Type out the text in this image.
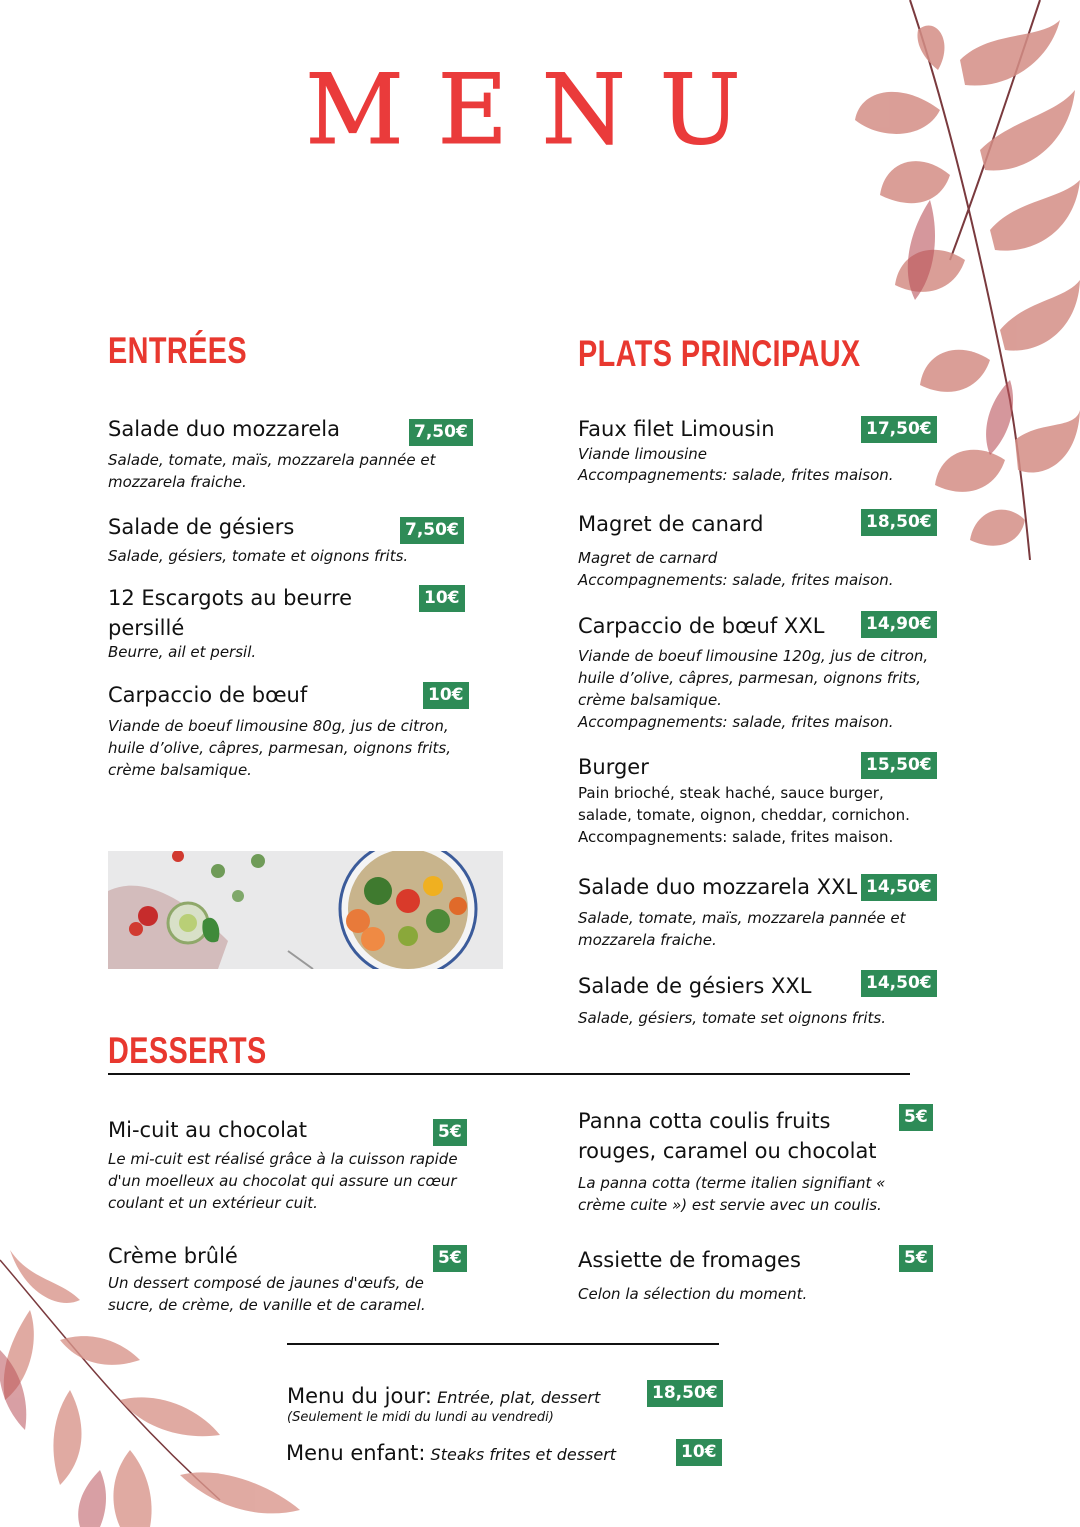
MENU
ENTRÉES
Salade duo mozzarela	7,50€
Salade, tomate, maïs, mozzarela pannée et mozzarela fraiche.
Salade de gésiers	7,50€
Salade, gésiers, tomate et oignons frits.
12 Escargots au beurre persillé
10€
Beurre, ail et persil.
Carpaccio de bœuf	10€
Viande de boeuf limousine 80g, jus de citron, huile d’olive, câpres, parmesan, oignons frits, crème balsamique.
PLATS PRINCIPAUX
Faux filet Limousin	17,50€
Viande limousine
Accompagnements: salade, frites maison.
Magret de canard	18,50€
Magret de carnard
Accompagnements: salade, frites maison.
Carpaccio de bœuf XXL	14,90€
Viande de boeuf limousine 120g, jus de citron, huile d’olive, câpres, parmesan, oignons frits, crème balsamique.
Accompagnements: salade, frites maison.
Burger	15,50€
Pain brioché, steak haché, sauce burger, salade, tomate, oignon, cheddar, cornichon.
Accompagnements: salade, frites maison.
Salade duo mozzarela XXL 14,50€
Salade, tomate, maïs, mozzarela pannée et mozzarela fraiche.
Salade de gésiers XXL	14,50€
Salade, gésiers, tomate set oignons frits.
DESSERTS
Mi-cuit au chocolat	5€
Le mi-cuit est réalisé grâce à la cuisson rapide d'un moelleux au chocolat qui assure un cœur coulant et un extérieur cuit.
Crème brûlé	5€
Un dessert composé de jaunes d'œufs, de sucre, de crème, de vanille et de caramel.
Panna cotta coulis fruits rouges, caramel ou chocolat
5€
La panna cotta (terme italien signifiant « crème cuite ») est servie avec un coulis.
Assiette de fromages	5€
Celon la sélection du moment.
Menu du jour: Entrée, plat, dessert
(Seulement le midi du lundi au vendredi)
18,50€
Menu enfant: Steaks frites et dessert	10€
